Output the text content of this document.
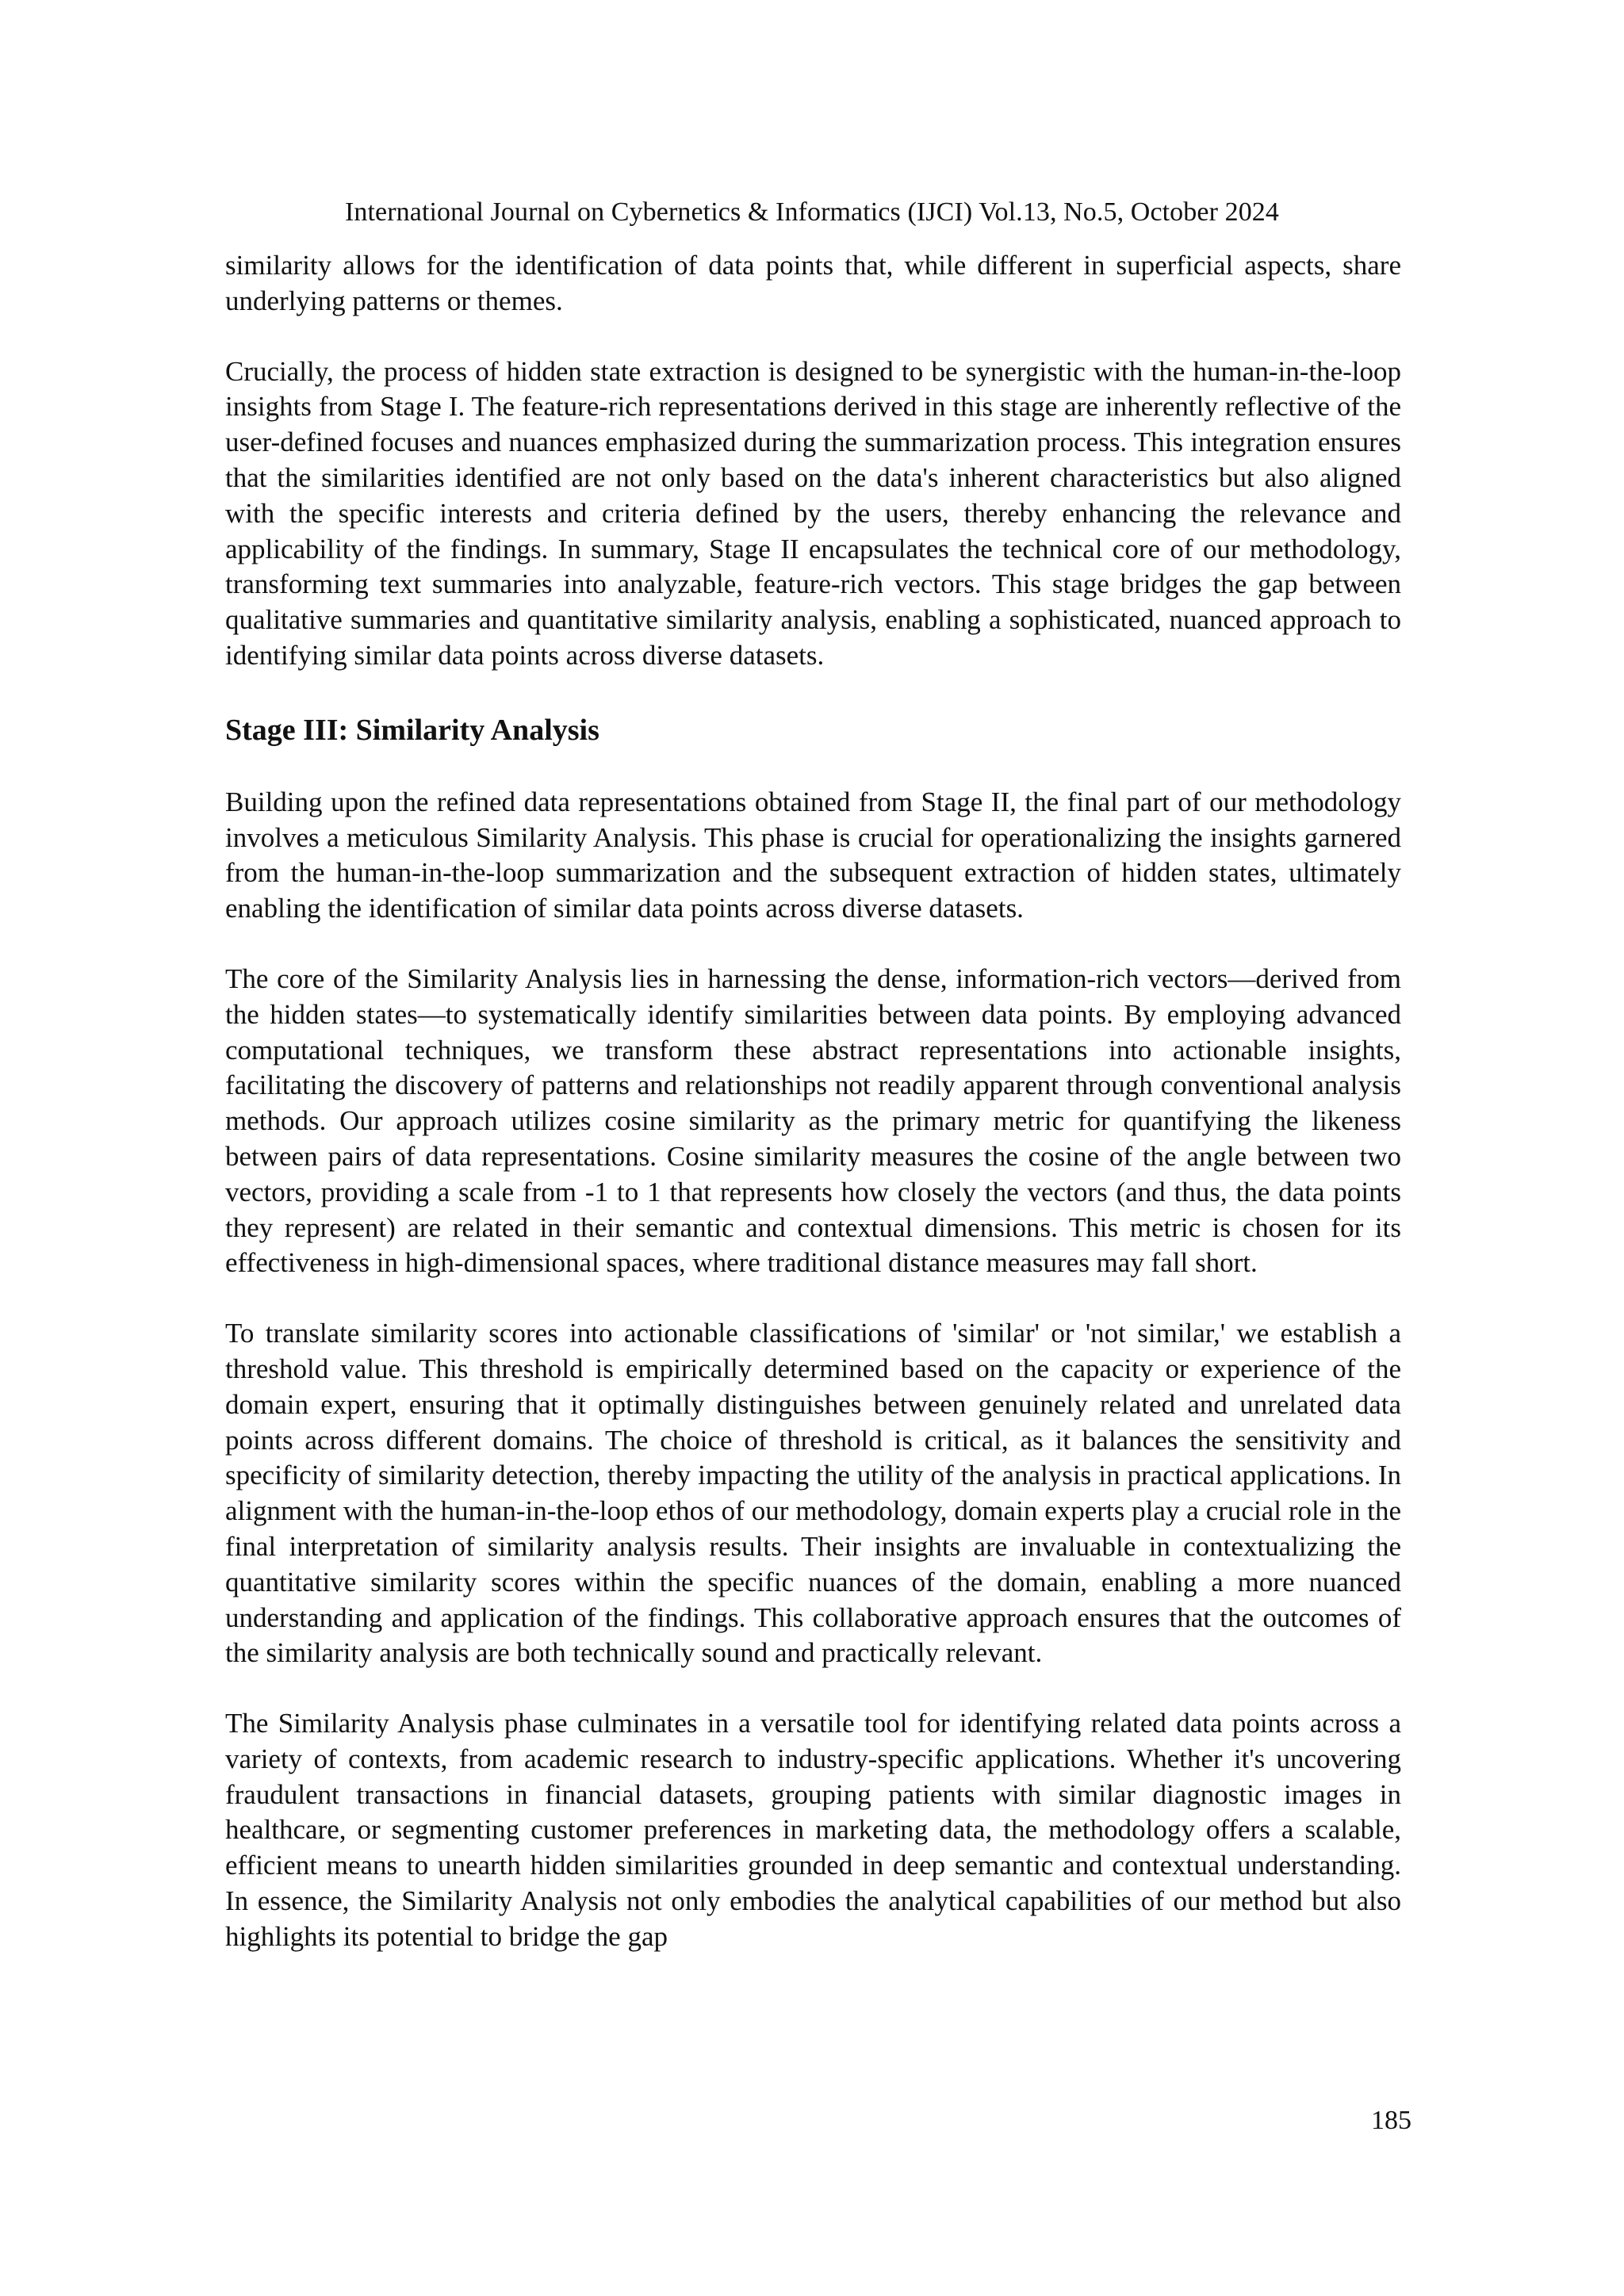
International Journal on Cybernetics & Informatics (IJCI) Vol.13, No.5, October 2024

similarity allows for the identification of data points that, while different in superficial aspects, share underlying patterns or themes.

Crucially, the process of hidden state extraction is designed to be synergistic with the human-in-the-loop insights from Stage I. The feature-rich representations derived in this stage are inherently reflective of the user-defined focuses and nuances emphasized during the summarization process. This integration ensures that the similarities identified are not only based on the data's inherent characteristics but also aligned with the specific interests and criteria defined by the users, thereby enhancing the relevance and applicability of the findings. In summary, Stage II encapsulates the technical core of our methodology, transforming text summaries into analyzable, feature-rich vectors. This stage bridges the gap between qualitative summaries and quantitative similarity analysis, enabling a sophisticated, nuanced approach to identifying similar data points across diverse datasets.

Stage III: Similarity Analysis

Building upon the refined data representations obtained from Stage II, the final part of our methodology involves a meticulous Similarity Analysis. This phase is crucial for operationalizing the insights garnered from the human-in-the-loop summarization and the subsequent extraction of hidden states, ultimately enabling the identification of similar data points across diverse datasets.

The core of the Similarity Analysis lies in harnessing the dense, information-rich vectors—derived from the hidden states—to systematically identify similarities between data points. By employing advanced computational techniques, we transform these abstract representations into actionable insights, facilitating the discovery of patterns and relationships not readily apparent through conventional analysis methods. Our approach utilizes cosine similarity as the primary metric for quantifying the likeness between pairs of data representations. Cosine similarity measures the cosine of the angle between two vectors, providing a scale from -1 to 1 that represents how closely the vectors (and thus, the data points they represent) are related in their semantic and contextual dimensions. This metric is chosen for its effectiveness in high-dimensional spaces, where traditional distance measures may fall short.

To translate similarity scores into actionable classifications of 'similar' or 'not similar,' we establish a threshold value. This threshold is empirically determined based on the capacity or experience of the domain expert, ensuring that it optimally distinguishes between genuinely related and unrelated data points across different domains. The choice of threshold is critical, as it balances the sensitivity and specificity of similarity detection, thereby impacting the utility of the analysis in practical applications. In alignment with the human-in-the-loop ethos of our methodology, domain experts play a crucial role in the final interpretation of similarity analysis results. Their insights are invaluable in contextualizing the quantitative similarity scores within the specific nuances of the domain, enabling a more nuanced understanding and application of the findings. This collaborative approach ensures that the outcomes of the similarity analysis are both technically sound and practically relevant.

The Similarity Analysis phase culminates in a versatile tool for identifying related data points across a variety of contexts, from academic research to industry-specific applications. Whether it's uncovering fraudulent transactions in financial datasets, grouping patients with similar diagnostic images in healthcare, or segmenting customer preferences in marketing data, the methodology offers a scalable, efficient means to unearth hidden similarities grounded in deep semantic and contextual understanding. In essence, the Similarity Analysis not only embodies the analytical capabilities of our method but also highlights its potential to bridge the gap

185
